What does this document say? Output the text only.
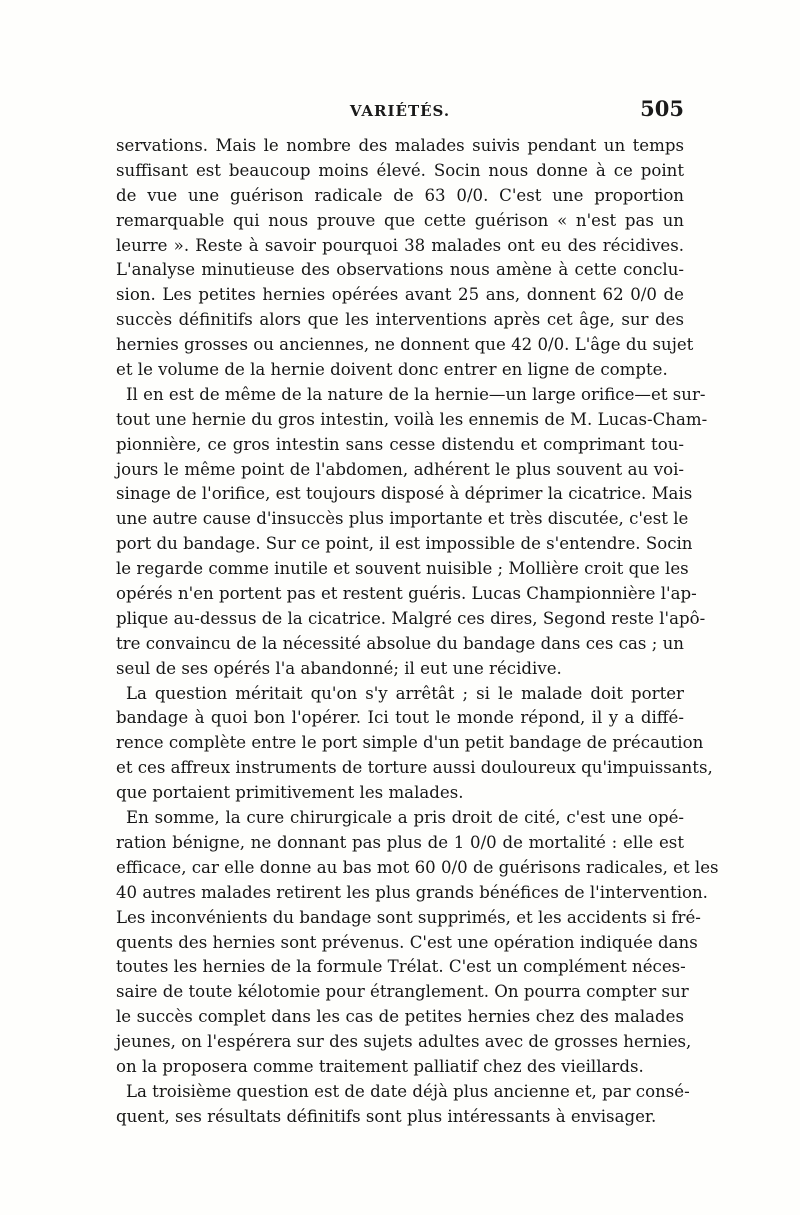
VARIÉTÉS.	505
servations. Mais le nombre des malades suivis pendant un temps
suffisant est beaucoup moins élevé. Socin nous donne à ce point
de vue une guérison radicale de 63 0/0. C'est une proportion
remarquable qui nous prouve que cette guérison « n'est pas un
leurre ». Reste à savoir pourquoi 38 malades ont eu des récidives.
L'analyse minutieuse des observations nous amène à cette conclu-
sion. Les petites hernies opérées avant 25 ans, donnent 62 0/0 de
succès définitifs alors que les interventions après cet âge, sur des
hernies grosses ou anciennes, ne donnent que 42 0/0. L'âge du sujet
et le volume de la hernie doivent donc entrer en ligne de compte.
Il en est de même de la nature de la hernie—un large orifice—et sur-
tout une hernie du gros intestin, voilà les ennemis de M. Lucas-Cham-
pionnière, ce gros intestin sans cesse distendu et comprimant tou-
jours le même point de l'abdomen, adhérent le plus souvent au voi-
sinage de l'orifice, est toujours disposé à déprimer la cicatrice. Mais
une autre cause d'insuccès plus importante et très discutée, c'est le
port du bandage. Sur ce point, il est impossible de s'entendre. Socin
le regarde comme inutile et souvent nuisible ; Mollière croit que les
opérés n'en portent pas et restent guéris. Lucas Championnière l'ap-
plique au-dessus de la cicatrice. Malgré ces dires, Segond reste l'apô-
tre convaincu de la nécessité absolue du bandage dans ces cas ; un
seul de ses opérés l'a abandonné; il eut une récidive.
La question méritait qu'on s'y arrêtât ; si le malade doit porter
bandage à quoi bon l'opérer. Ici tout le monde répond, il y a diffé-
rence complète entre le port simple d'un petit bandage de précaution
et ces affreux instruments de torture aussi douloureux qu'impuissants,
que portaient primitivement les malades.
En somme, la cure chirurgicale a pris droit de cité, c'est une opé-
ration bénigne, ne donnant pas plus de 1 0/0 de mortalité : elle est
efficace, car elle donne au bas mot 60 0/0 de guérisons radicales, et les
40 autres malades retirent les plus grands bénéfices de l'intervention.
Les inconvénients du bandage sont supprimés, et les accidents si fré-
quents des hernies sont prévenus. C'est une opération indiquée dans
toutes les hernies de la formule Trélat. C'est un complément néces-
saire de toute kélotomie pour étranglement. On pourra compter sur
le succès complet dans les cas de petites hernies chez des malades
jeunes, on l'espérera sur des sujets adultes avec de grosses hernies,
on la proposera comme traitement palliatif chez des vieillards.
La troisième question est de date déjà plus ancienne et, par consé-
quent, ses résultats définitifs sont plus intéressants à envisager.
